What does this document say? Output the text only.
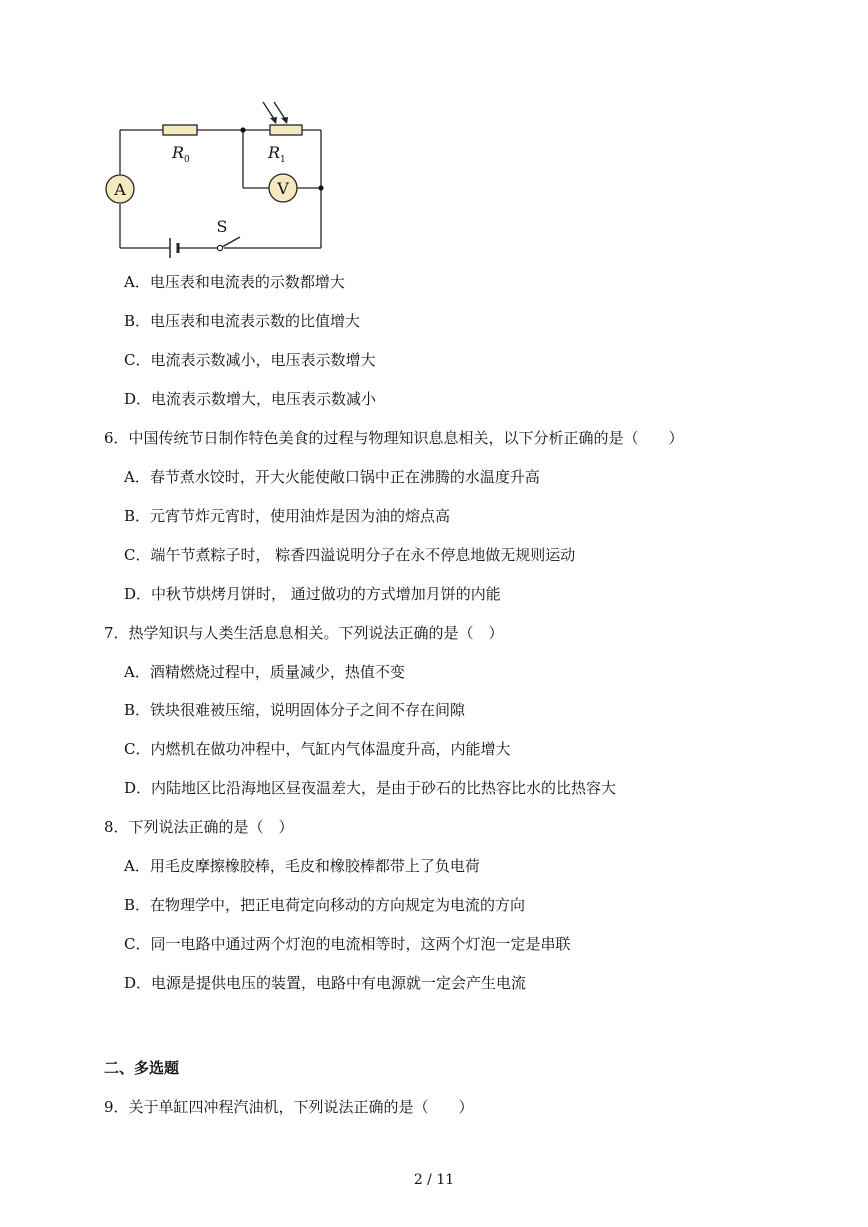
A	V
S
R 0	R 1
A．电压表和电流表的示数都增大
B．电压表和电流表示数的比值增大
C．电流表示数减小，电压表示数增大
D．电流表示数增大，电压表示数减小
6．中国传统节日制作特色美食的过程与物理知识息息相关，以下分析正确的是（　　）
A．春节煮水饺时，开大火能使敞口锅中正在沸腾的水温度升高
B．元宵节炸元宵时，使用油炸是因为油的熔点高
C．端午节煮粽子时， 粽香四溢说明分子在永不停息地做无规则运动
D．中秋节烘烤月饼时， 通过做功的方式增加月饼的内能
7．热学知识与人类生活息息相关。下列说法正确的是（　）
A．酒精燃烧过程中，质量减少，热值不变
B．铁块很难被压缩，说明固体分子之间不存在间隙
C．内燃机在做功冲程中，气缸内气体温度升高，内能增大
D．内陆地区比沿海地区昼夜温差大，是由于砂石的比热容比水的比热容大
8．下列说法正确的是（　）
A．用毛皮摩擦橡胶棒，毛皮和橡胶棒都带上了负电荷
B．在物理学中，把正电荷定向移动的方向规定为电流的方向
C．同一电路中通过两个灯泡的电流相等时，这两个灯泡一定是串联
D．电源是提供电压的装置，电路中有电源就一定会产生电流
二、多选题
9．关于单缸四冲程汽油机，下列说法正确的是（　　）
2 / 11
